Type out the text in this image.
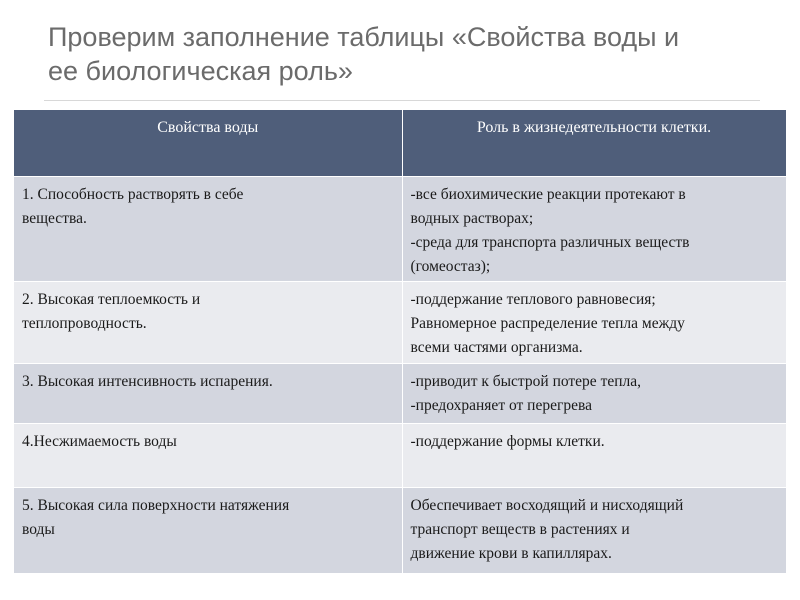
Проверим заполнение таблицы «Свойства воды и
ее биологическая роль»
Свойства воды	Роль в жизнедеятельности клетки.

1. Способность растворять в себе
вещества.	-все биохимические реакции протекают в
водных растворах;
-среда для транспорта различных веществ
(гомеостаз);

2. Высокая теплоемкость и
теплопроводность.	-поддержание теплового равновесия;
Равномерное распределение тепла между
всеми частями организма.

3. Высокая интенсивность испарения.	-приводит к быстрой потере тепла,
-предохраняет от перегрева

4.Несжимаемость воды	-поддержание формы клетки.

5. Высокая сила поверхности натяжения
воды	Обеспечивает восходящий и нисходящий
транспорт веществ в растениях и
движение крови в капиллярах.
